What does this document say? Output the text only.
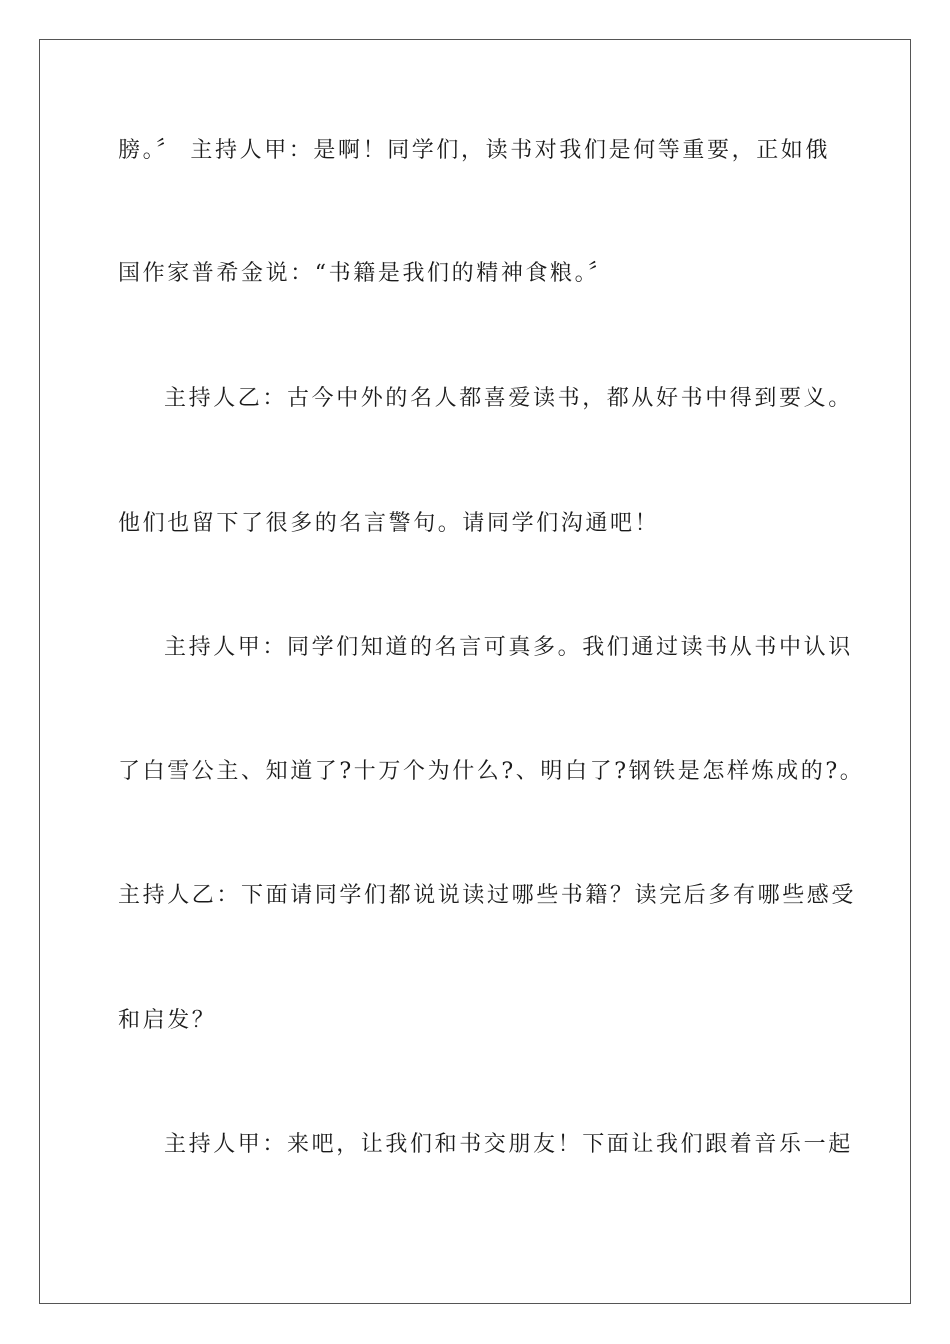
膀。〞 主持人甲：是啊！同学们，读书对我们是何等重要，正如俄
国作家普希金说：“书籍是我们的精神食粮。〞
主持人乙：古今中外的名人都喜爱读书，都从好书中得到要义。
他们也留下了很多的名言警句。请同学们沟通吧！
主持人甲：同学们知道的名言可真多。我们通过读书从书中认识
了白雪公主、知道了?十万个为什么?、明白了?钢铁是怎样炼成的?。
主持人乙：下面请同学们都说说读过哪些书籍？读完后多有哪些感受
和启发？
主持人甲：来吧，让我们和书交朋友！下面让我们跟着音乐一起
